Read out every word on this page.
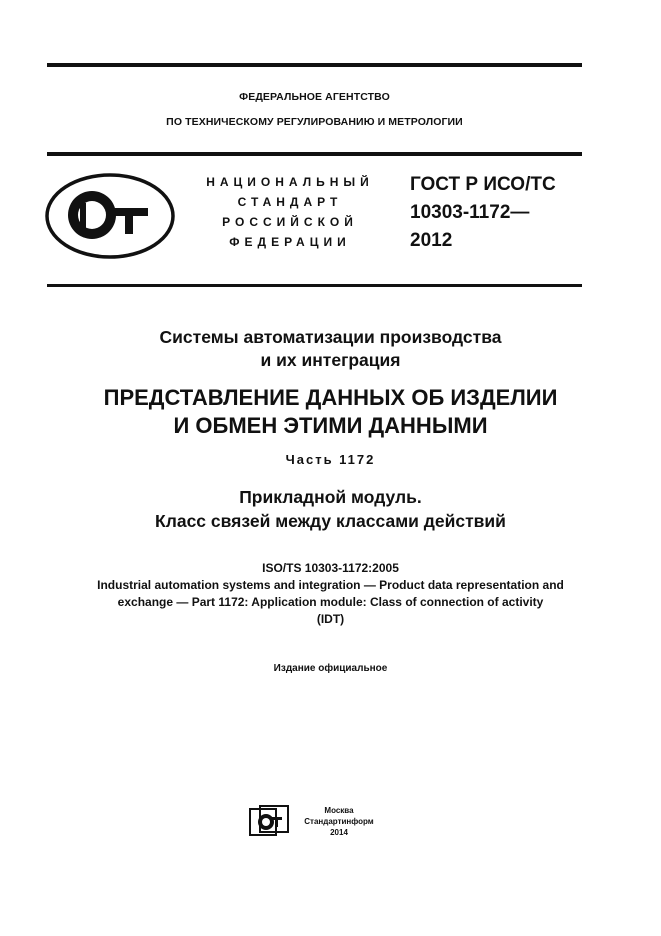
ФЕДЕРАЛЬНОЕ АГЕНТСТВО
ПО ТЕХНИЧЕСКОМУ РЕГУЛИРОВАНИЮ И МЕТРОЛОГИИ
НАЦИОНАЛЬНЫЙ
СТАНДАРТ
РОССИЙСКОЙ
ФЕДЕРАЦИИ
ГОСТ Р ИСО/ТС
10303-1172—
2012
Системы автоматизации производства
и их интеграция
ПРЕДСТАВЛЕНИЕ ДАННЫХ ОБ ИЗДЕЛИИ
И ОБМЕН ЭТИМИ ДАННЫМИ
Часть 1172
Прикладной модуль.
Класс связей между классами действий
ISO/TS 10303-1172:2005
Industrial automation systems and integration — Product data representation and
exchange — Part 1172: Application module: Class of connection of activity
(IDT)
Издание официальное
Москва
Стандартинформ
2014
